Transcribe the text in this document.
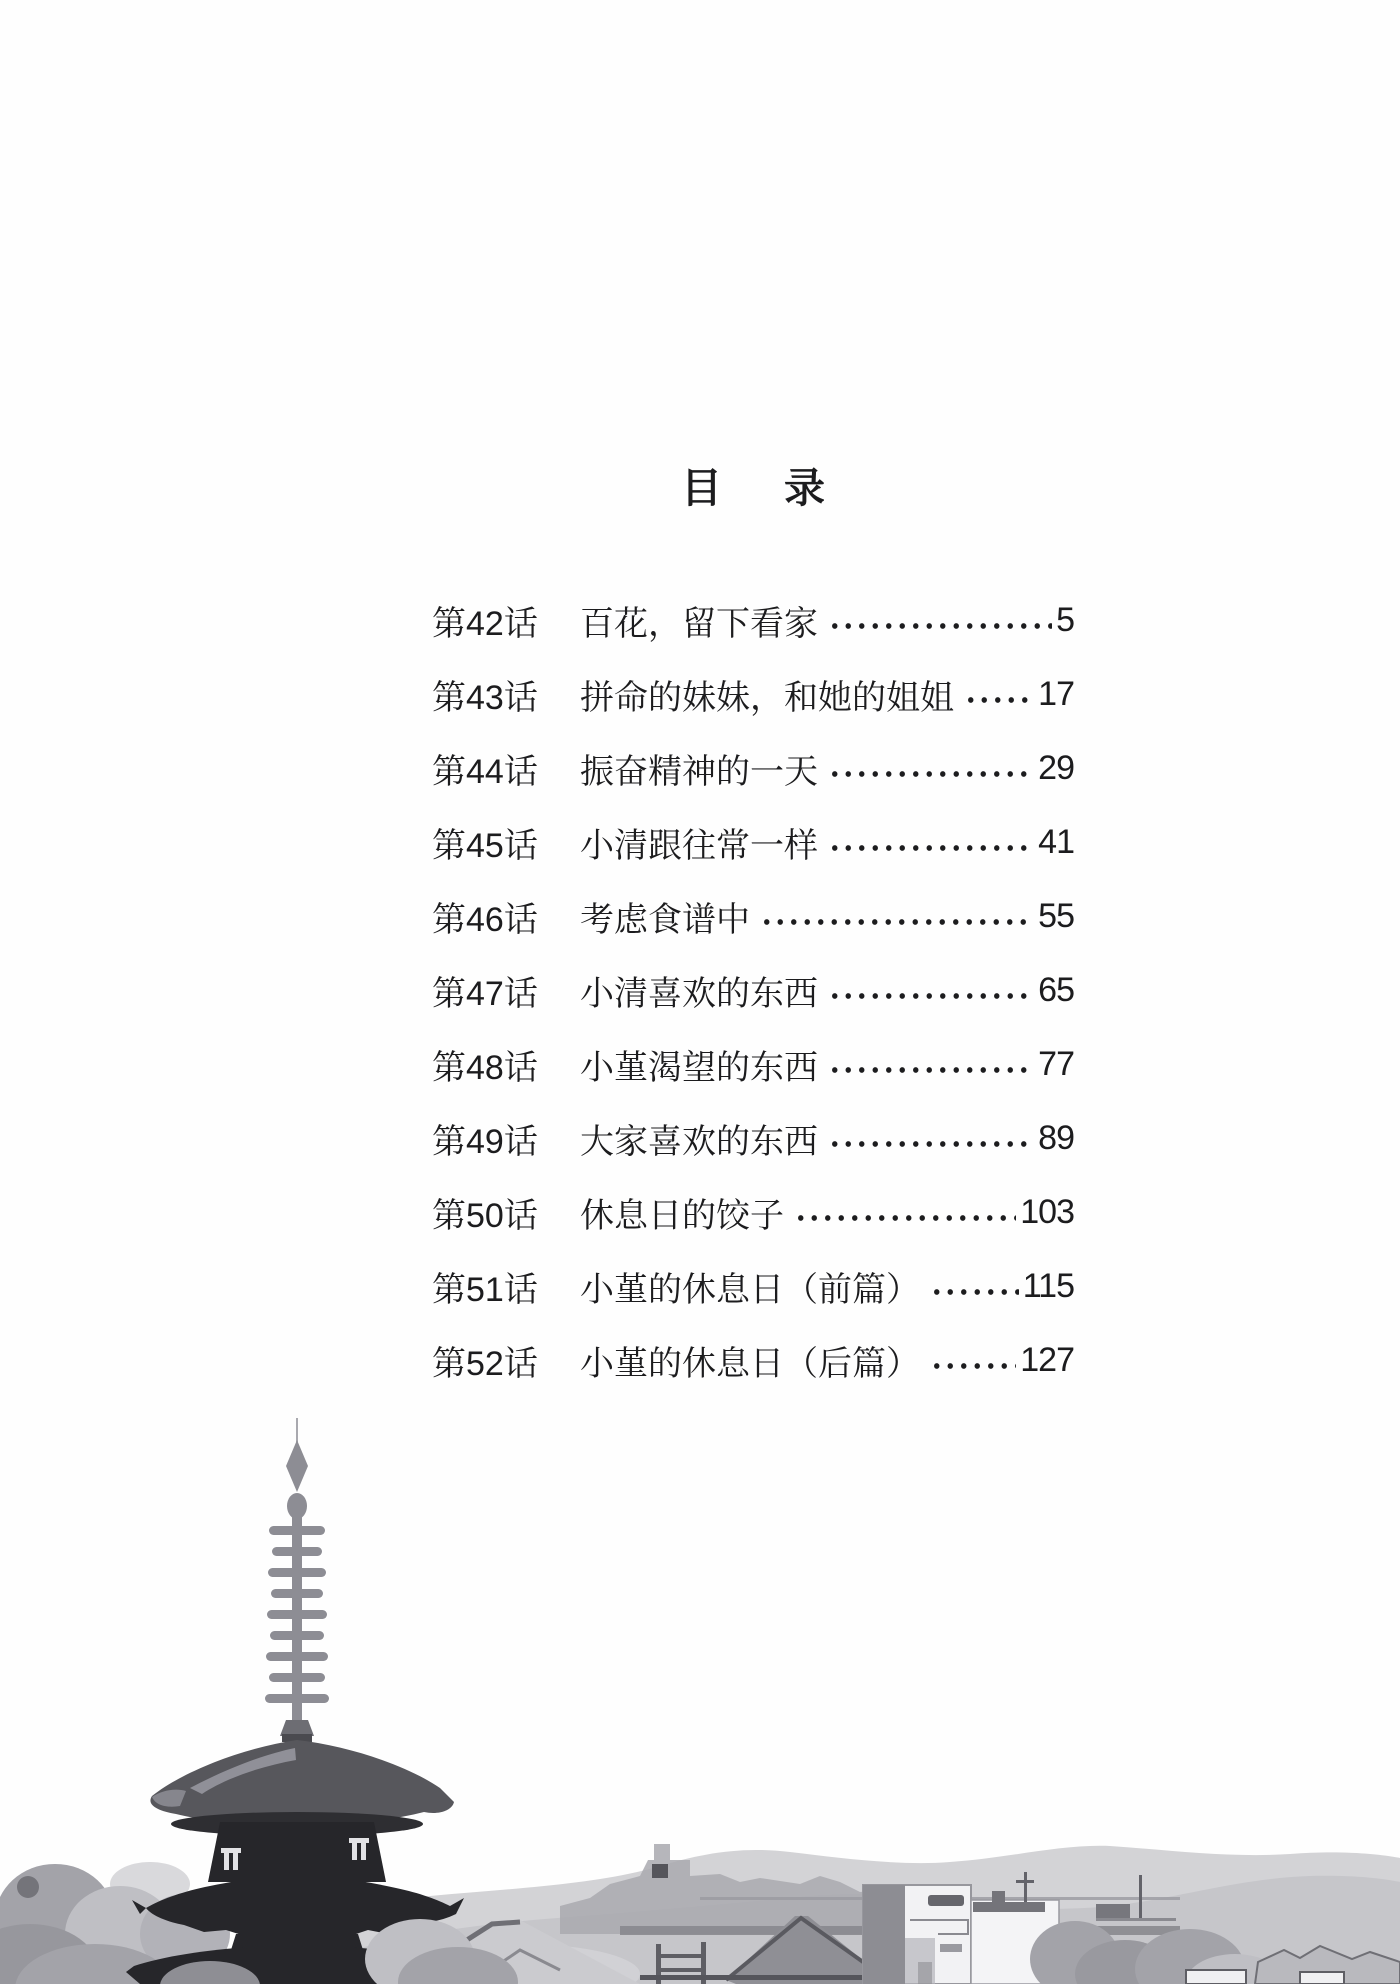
目 录
第42话	百花，留下看家	5
第43话	拼命的妹妹，和她的姐姐 17
第44话	振奋精神的一天	29
第45话	小清跟往常一样	41
第46话	考虑食谱中	55
第47话	小清喜欢的东西	65
第48话	小堇渴望的东西	77
第49话	大家喜欢的东西	89
第50话	休息日的饺子	103
第51话	小堇的休息日（前篇）	115
第52话	小堇的休息日（后篇）	127
